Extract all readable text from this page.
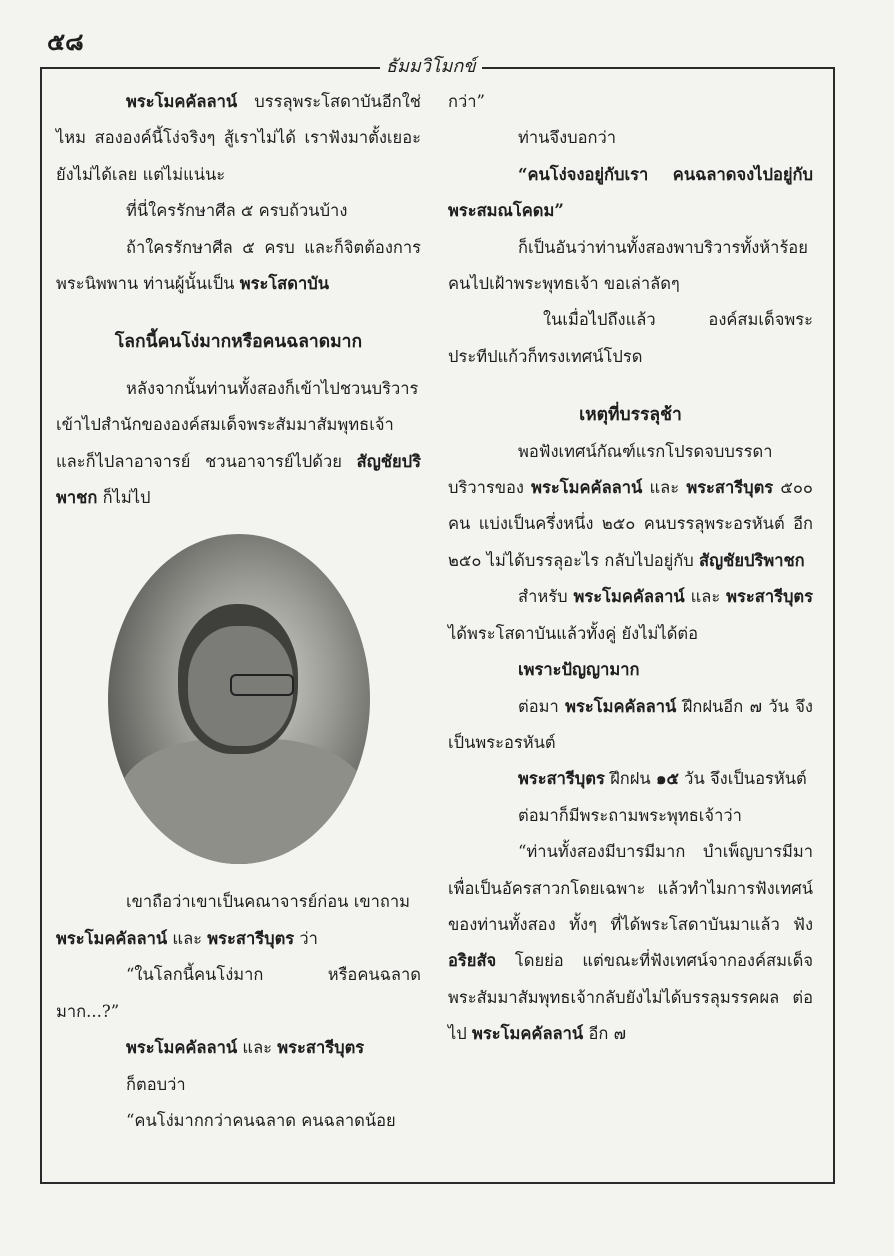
๕๘
ธัมมวิโมกข์

พระโมคคัลลาน์ บรรลุพระโสดาบันอีกใช่ไหม สององค์นี้โง่จริงๆ สู้เราไม่ได้ เราฟังมาตั้งเยอะยังไม่ได้เลย แต่ไม่แน่นะ

ที่นี่ใครรักษาศีล ๕ ครบถ้วนบ้าง

ถ้าใครรักษาศีล ๕ ครบ และก็จิตต้องการพระนิพพาน ท่านผู้นั้นเป็น พระโสดาบัน

โลกนี้คนโง่มากหรือคนฉลาดมาก

หลังจากนั้นท่านทั้งสองก็เข้าไปชวนบริวาร เข้าไปสำนักขององค์สมเด็จพระสัมมาสัมพุทธเจ้า และก็ไปลาอาจารย์ ชวนอาจารย์ไปด้วย สัญชัยปริพาชก ก็ไม่ไป

เขาถือว่าเขาเป็นคณาจารย์ก่อน เขาถาม

พระโมคคัลลาน์ และ พระสารีบุตร ว่า

“ในโลกนี้คนโง่มาก หรือคนฉลาดมาก...?”

พระโมคคัลลาน์ และ พระสารีบุตร

ก็ตอบว่า

“คนโง่มากกว่าคนฉลาด คนฉลาดน้อย

กว่า”

ท่านจึงบอกว่า

“คนโง่จงอยู่กับเรา คนฉลาดจงไปอยู่กับพระสมณโคดม”

ก็เป็นอันว่าท่านทั้งสองพาบริวารทั้งห้าร้อยคนไปเฝ้าพระพุทธเจ้า ขอเล่าลัดๆ

ในเมื่อไปถึงแล้ว องค์สมเด็จพระประทีปแก้วก็ทรงเทศน์โปรด

เหตุที่บรรลุช้า

พอฟังเทศน์กัณฑ์แรกโปรดจบบรรดาบริวารของ พระโมคคัลลาน์ และ พระสารีบุตร ๕๐๐ คน แบ่งเป็นครึ่งหนึ่ง ๒๕๐ คนบรรลุพระอรหันต์ อีก ๒๕๐ ไม่ได้บรรลุอะไร กลับไปอยู่กับ สัญชัยปริพาชก

สำหรับ พระโมคคัลลาน์ และ พระสารีบุตร ได้พระโสดาบันแล้วทั้งคู่ ยังไม่ได้ต่อ

เพราะปัญญามาก

ต่อมา พระโมคคัลลาน์ ฝึกฝนอีก ๗ วัน จึงเป็นพระอรหันต์

พระสารีบุตร ฝึกฝน ๑๕ วัน จึงเป็นอรหันต์

ต่อมาก็มีพระถามพระพุทธเจ้าว่า

“ท่านทั้งสองมีบารมีมาก บำเพ็ญบารมีมาเพื่อเป็นอัครสาวกโดยเฉพาะ แล้วทำไมการฟังเทศน์ของท่านทั้งสอง ทั้งๆ ที่ได้พระโสดาบันมาแล้ว ฟัง อริยสัจ โดยย่อ แต่ขณะที่ฟังเทศน์จากองค์สมเด็จพระสัมมาสัมพุทธเจ้ากลับยังไม่ได้บรรลุมรรคผล ต่อไป พระโมคคัลลาน์ อีก ๗
